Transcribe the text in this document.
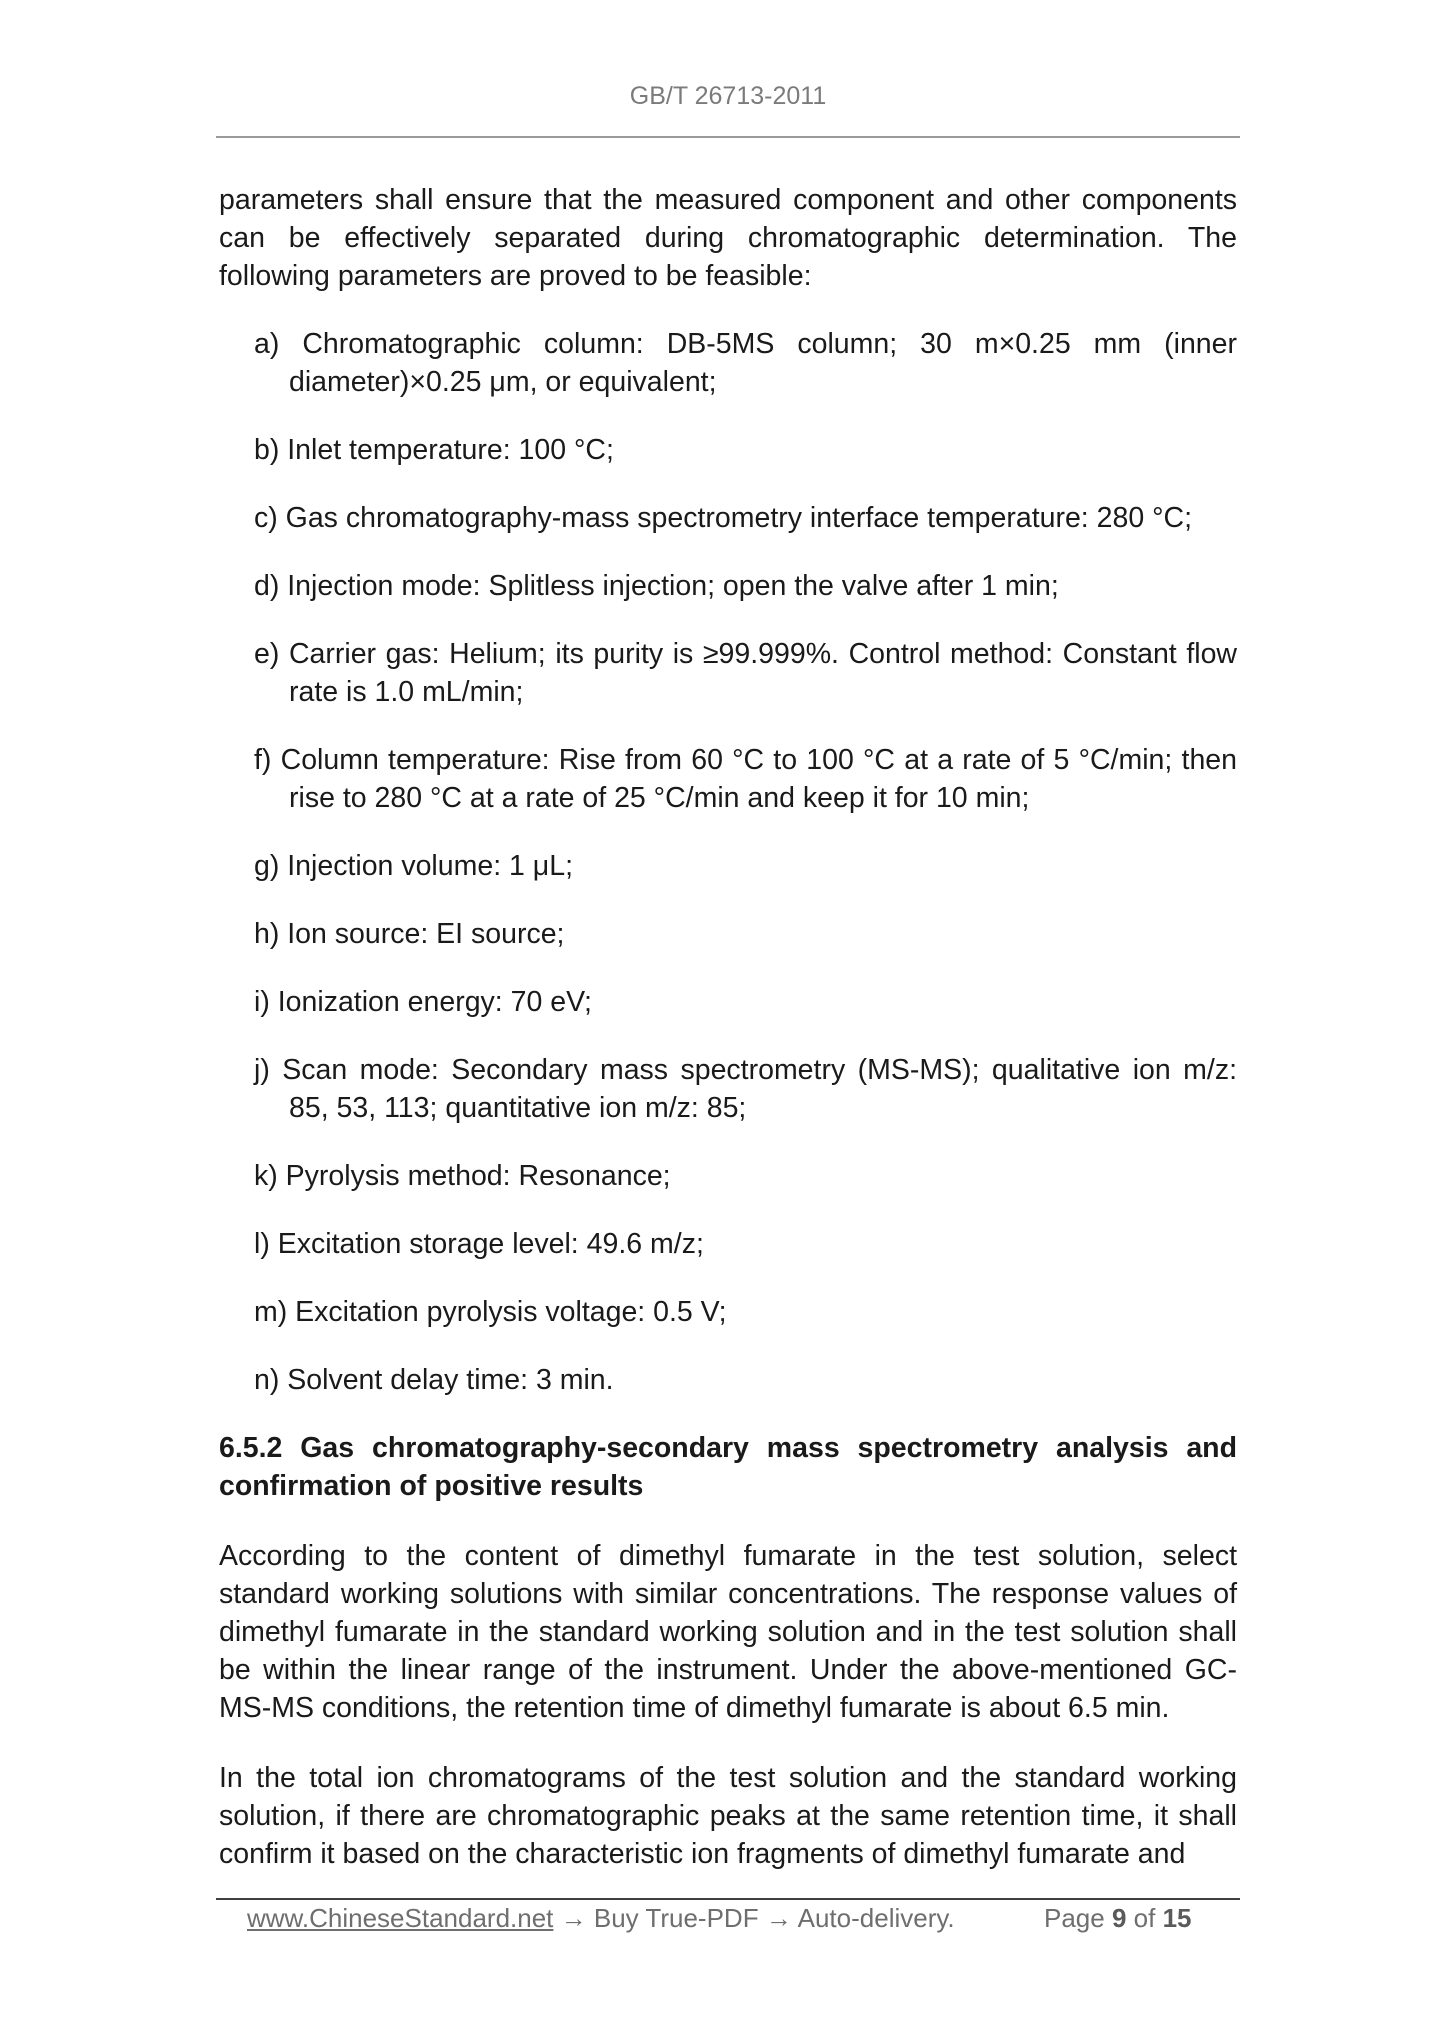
GB/T 26713-2011

parameters shall ensure that the measured component and other components can be effectively separated during chromatographic determination. The following parameters are proved to be feasible:

a) Chromatographic column: DB-5MS column; 30 m×0.25 mm (inner diameter)×0.25 μm, or equivalent;

b) Inlet temperature: 100 °C;

c) Gas chromatography-mass spectrometry interface temperature: 280 °C;

d) Injection mode: Splitless injection; open the valve after 1 min;

e) Carrier gas: Helium; its purity is ≥99.999%. Control method: Constant flow rate is 1.0 mL/min;

f) Column temperature: Rise from 60 °C to 100 °C at a rate of 5 °C/min; then rise to 280 °C at a rate of 25 °C/min and keep it for 10 min;

g) Injection volume: 1 μL;

h) Ion source: EI source;

i) Ionization energy: 70 eV;

j) Scan mode: Secondary mass spectrometry (MS-MS); qualitative ion m/z: 85, 53, 113; quantitative ion m/z: 85;

k) Pyrolysis method: Resonance;

l) Excitation storage level: 49.6 m/z;

m) Excitation pyrolysis voltage: 0.5 V;

n) Solvent delay time: 3 min.

6.5.2 Gas chromatography-secondary mass spectrometry analysis and confirmation of positive results

According to the content of dimethyl fumarate in the test solution, select standard working solutions with similar concentrations. The response values of dimethyl fumarate in the standard working solution and in the test solution shall be within the linear range of the instrument. Under the above-mentioned GC-MS-MS conditions, the retention time of dimethyl fumarate is about 6.5 min.

In the total ion chromatograms of the test solution and the standard working solution, if there are chromatographic peaks at the same retention time, it shall confirm it based on the characteristic ion fragments of dimethyl fumarate and

www.ChineseStandard.net → Buy True-PDF → Auto-delivery.	Page 9 of 15
